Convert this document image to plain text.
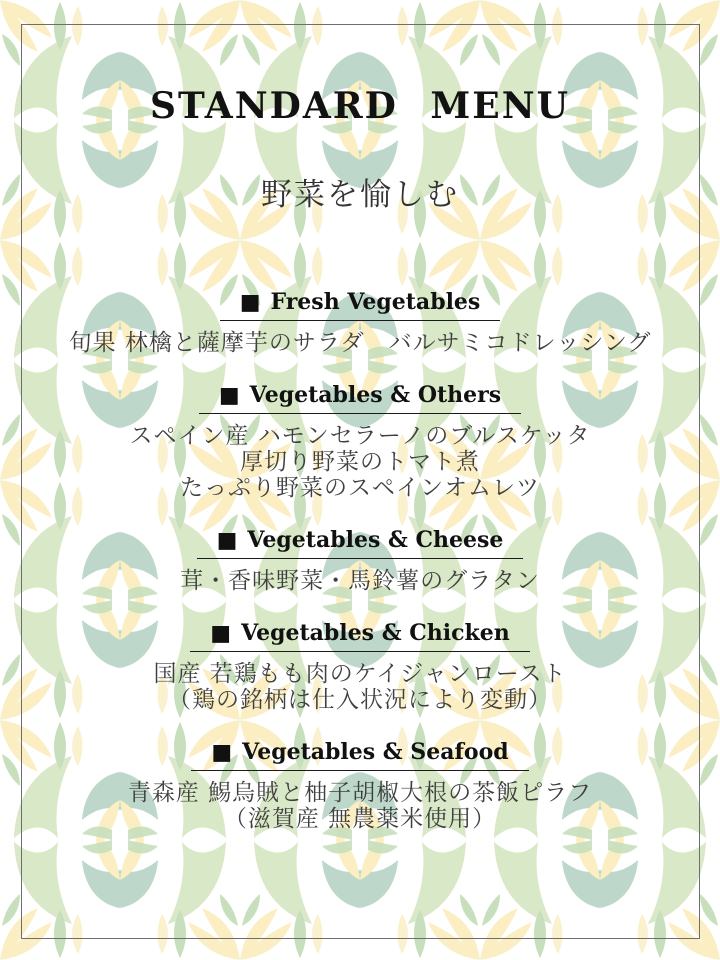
STANDARD MENU
野菜を愉しむ
■ Fresh Vegetables

旬果 林檎と薩摩芋のサラダ　バルサミコドレッシング

■ Vegetables & Others

スペイン産 ハモンセラーノのブルスケッタ

厚切り野菜のトマト煮

たっぷり野菜のスペインオムレツ

■ Vegetables & Cheese

茸・香味野菜・馬鈴薯のグラタン

■ Vegetables & Chicken

国産 若鶏もも肉のケイジャンロースト

（鶏の銘柄は仕入状況により変動）

■ Vegetables & Seafood

青森産 鯣烏賊と柚子胡椒大根の茶飯ピラフ

（滋賀産 無農薬米使用）
